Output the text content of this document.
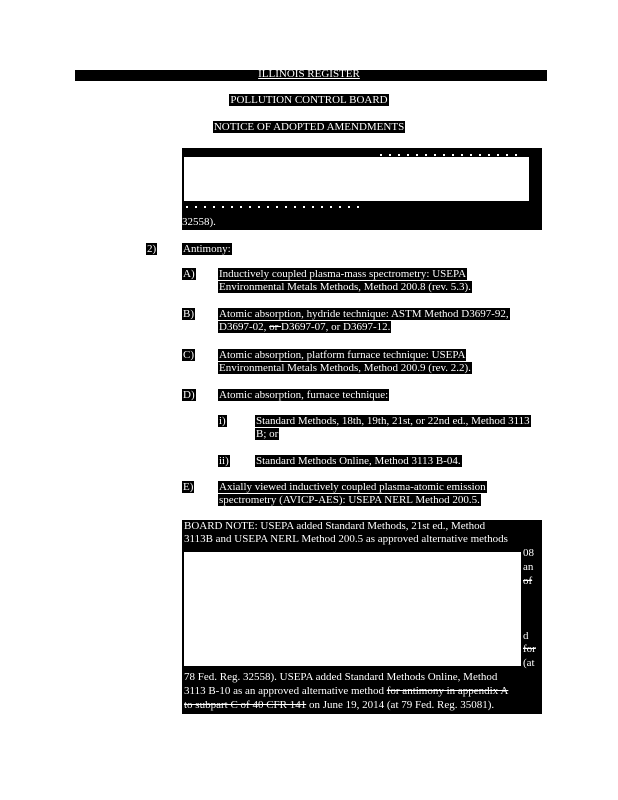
ILLINOIS REGISTER
POLLUTION CONTROL BOARD
NOTICE OF ADOPTED AMENDMENTS
32558).
2) Antimony:
A) Inductively coupled plasma-mass spectrometry: USEPA Environmental Metals Methods, Method 200.8 (rev. 5.3).
B) Atomic absorption, hydride technique: ASTM Method D3697-92, D3697-02, or D3697-07, or D3697-12.
C) Atomic absorption, platform furnace technique: USEPA Environmental Metals Methods, Method 200.9 (rev. 2.2).
D) Atomic absorption, furnace technique:
i)	Standard Methods, 18th, 19th, 21st, or 22nd ed., Method 3113 B; or
ii) Standard Methods Online, Method 3113 B-04.
E) Axially viewed inductively coupled plasma-atomic emission spectrometry (AVICP-AES): USEPA NERL Method 200.5.
BOARD NOTE: USEPA added Standard Methods, 21st ed., Method
3113B and USEPA NERL Method 200.5 as approved alternative methods
08
an
of
d
for
(at
78 Fed. Reg. 32558). USEPA added Standard Methods Online, Method
3113 B-10 as an approved alternative method for antimony in appendix A
to subpart C of 40 CFR 141 on June 19, 2014 (at 79 Fed. Reg. 35081).
